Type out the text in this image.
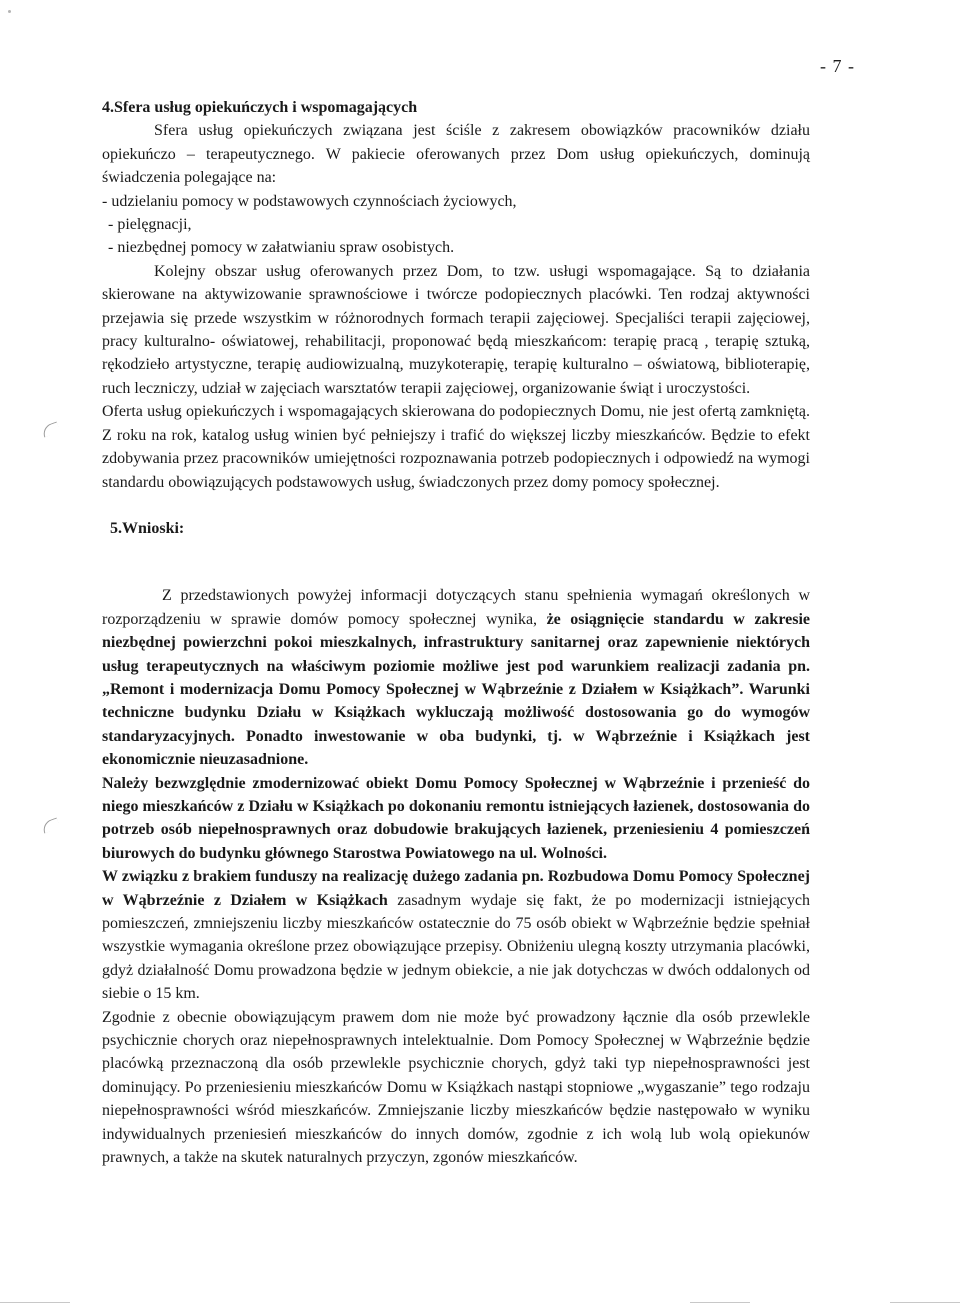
- 7 -

4.Sfera usług opiekuńczych i wspomagających

Sfera usług opiekuńczych związana jest ściśle z zakresem obowiązków pracowników działu opiekuńczo – terapeutycznego. W pakiecie oferowanych przez Dom usług opiekuńczych, dominują świadczenia polegające na:

- udzielaniu pomocy w podstawowych czynnościach życiowych,

- pielęgnacji,

- niezbędnej pomocy w załatwianiu spraw osobistych.

Kolejny obszar usług oferowanych przez Dom, to tzw. usługi wspomagające. Są to działania skierowane na aktywizowanie sprawnościowe i twórcze podopiecznych placówki. Ten rodzaj aktywności przejawia się przede wszystkim w różnorodnych formach terapii zajęciowej. Specjaliści terapii zajęciowej, pracy kulturalno- oświatowej, rehabilitacji, proponować będą mieszkańcom: terapię pracą , terapię sztuką, rękodzieło artystyczne, terapię audiowizualną, muzykoterapię, terapię kulturalno – oświatową, biblioterapię, ruch leczniczy, udział w zajęciach warsztatów terapii zajęciowej, organizowanie świąt i uroczystości.

Oferta usług opiekuńczych i wspomagających skierowana do podopiecznych Domu, nie jest ofertą zamkniętą. Z roku na rok, katalog usług winien być pełniejszy i trafić do większej liczby mieszkańców. Będzie to efekt zdobywania przez pracowników umiejętności rozpoznawania potrzeb podopiecznych i odpowiedź na wymogi standardu obowiązujących podstawowych usług, świadczonych przez domy pomocy społecznej.

5.Wnioski:

Z przedstawionych powyżej informacji dotyczących stanu spełnienia wymagań określonych w rozporządzeniu w sprawie domów pomocy społecznej wynika, że osiągnięcie standardu w zakresie niezbędnej powierzchni pokoi mieszkalnych, infrastruktury sanitarnej oraz zapewnienie niektórych usług terapeutycznych na właściwym poziomie możliwe jest pod warunkiem realizacji zadania pn. „Remont i modernizacja Domu Pomocy Społecznej w Wąbrzeźnie z Działem w Książkach”. Warunki techniczne budynku Działu w Książkach wykluczają możliwość dostosowania go do wymogów standaryzacyjnych. Ponadto inwestowanie w oba budynki, tj. w Wąbrzeźnie i Książkach jest ekonomicznie nieuzasadnione.

Należy bezwzględnie zmodernizować obiekt Domu Pomocy Społecznej w Wąbrzeźnie i przenieść do niego mieszkańców z Działu w Książkach po dokonaniu remontu istniejących łazienek, dostosowania do potrzeb osób niepełnosprawnych oraz dobudowie brakujących łazienek, przeniesieniu 4 pomieszczeń biurowych do budynku głównego Starostwa Powiatowego na ul. Wolności.

W związku z brakiem funduszy na realizację dużego zadania pn. Rozbudowa Domu Pomocy Społecznej w Wąbrzeźnie z Działem w Książkach zasadnym wydaje się fakt, że po modernizacji istniejących pomieszczeń, zmniejszeniu liczby mieszkańców ostatecznie do 75 osób obiekt w Wąbrzeźnie będzie spełniał wszystkie wymagania określone przez obowiązujące przepisy. Obniżeniu ulegną koszty utrzymania placówki, gdyż działalność Domu prowadzona będzie w jednym obiekcie, a nie jak dotychczas w dwóch oddalonych od siebie o 15 km.

Zgodnie z obecnie obowiązującym prawem dom nie może być prowadzony łącznie dla osób przewlekle psychicznie chorych oraz niepełnosprawnych intelektualnie. Dom Pomocy Społecznej w Wąbrzeźnie będzie placówką przeznaczoną dla osób przewlekle psychicznie chorych, gdyż taki typ niepełnosprawności jest dominujący. Po przeniesieniu mieszkańców Domu w Książkach nastąpi stopniowe „wygaszanie” tego rodzaju niepełnosprawności wśród mieszkańców. Zmniejszanie liczby mieszkańców będzie następowało w wyniku indywidualnych przeniesień mieszkańców do innych domów, zgodnie z ich wolą lub wolą opiekunów prawnych, a także na skutek naturalnych przyczyn, zgonów mieszkańców.
